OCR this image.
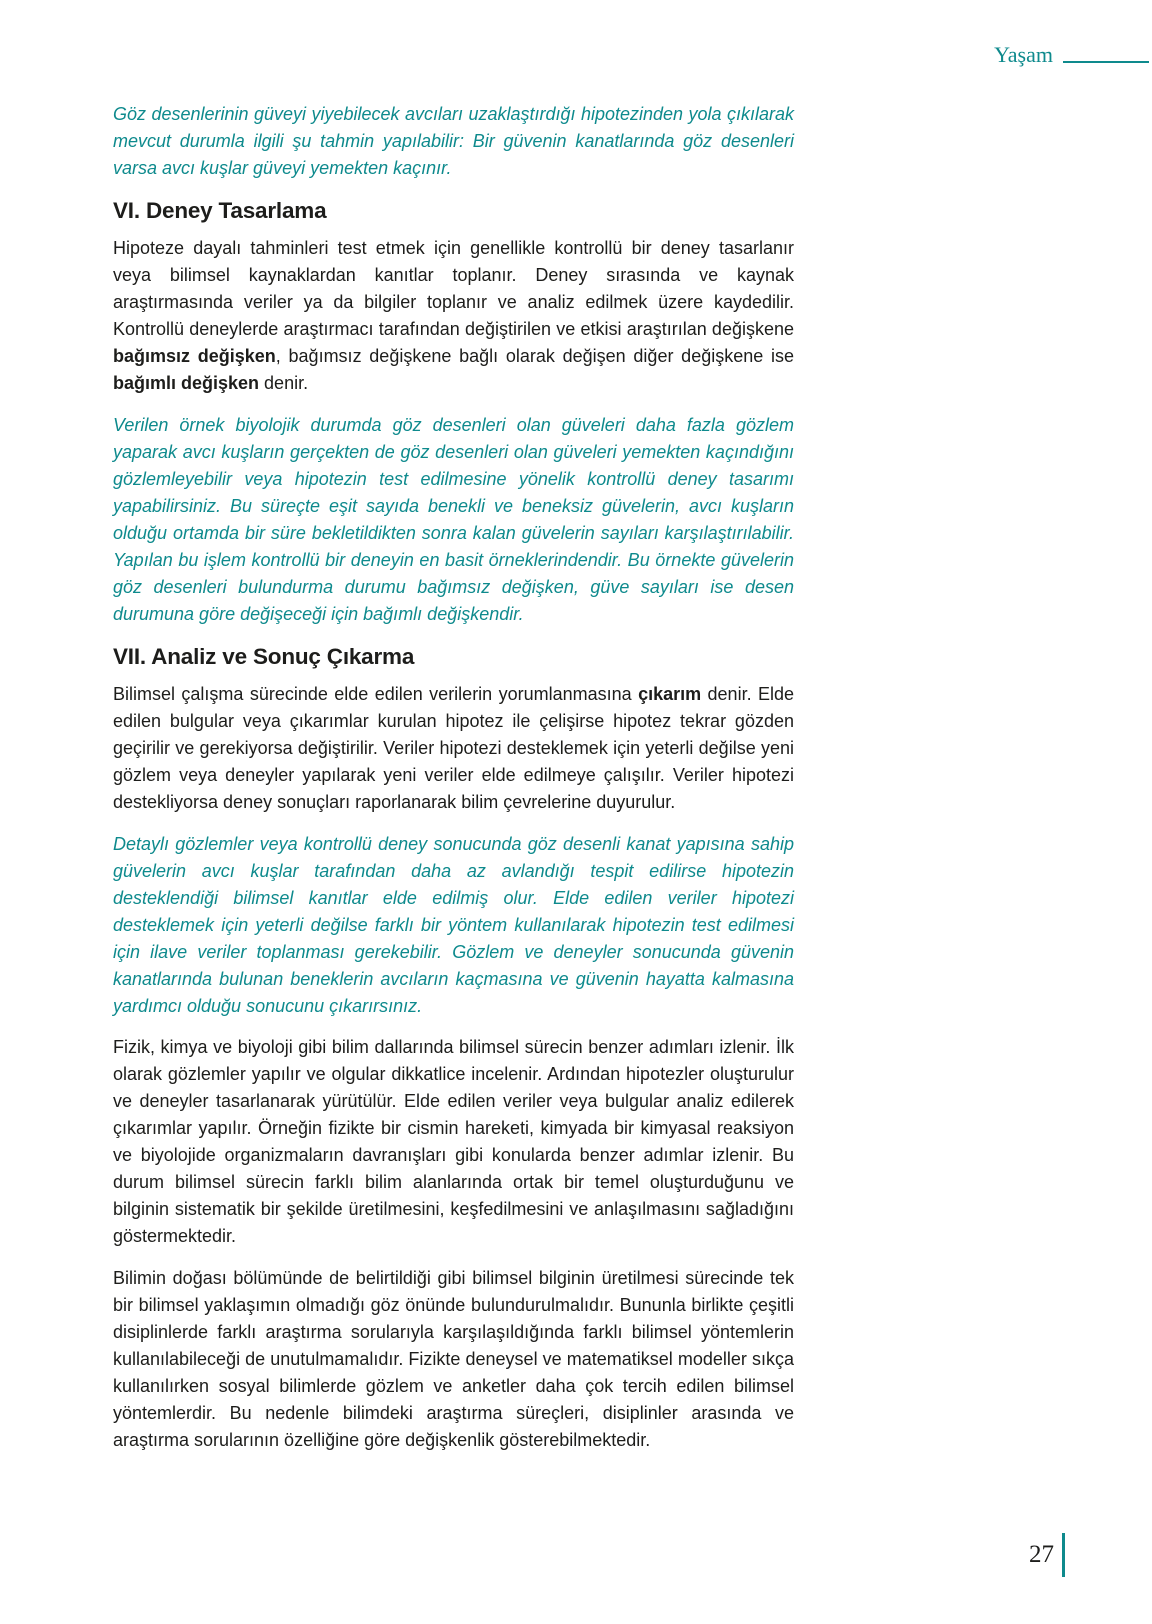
Yaşam

Göz desenlerinin güveyi yiyebilecek avcıları uzaklaştırdığı hipotezinden yola çıkılarak mevcut durumla ilgili şu tahmin yapılabilir: Bir güvenin kanatlarında göz desenleri varsa avcı kuşlar güveyi yemekten kaçınır.

VI. Deney Tasarlama

Hipoteze dayalı tahminleri test etmek için genellikle kontrollü bir deney tasarlanır veya bilimsel kaynaklardan kanıtlar toplanır. Deney sırasında ve kaynak araştırmasında veriler ya da bilgiler toplanır ve analiz edilmek üzere kaydedilir. Kontrollü deneylerde araştırmacı tarafından değiştirilen ve etkisi araştırılan değişkene bağımsız değişken, bağımsız değişkene bağlı olarak değişen diğer değişkene ise bağımlı değişken denir.

Verilen örnek biyolojik durumda göz desenleri olan güveleri daha fazla gözlem yaparak avcı kuşların gerçekten de göz desenleri olan güveleri yemekten kaçındığını gözlemleyebilir veya hipotezin test edilmesine yönelik kontrollü deney tasarımı yapabilirsiniz. Bu süreçte eşit sayıda benekli ve beneksiz güvelerin, avcı kuşların olduğu ortamda bir süre bekletildikten sonra kalan güvelerin sayıları karşılaştırılabilir. Yapılan bu işlem kontrollü bir deneyin en basit örneklerindendir. Bu örnekte güvelerin göz desenleri bulundurma durumu bağımsız değişken, güve sayıları ise desen durumuna göre değişeceği için bağımlı değişkendir.

VII. Analiz ve Sonuç Çıkarma

Bilimsel çalışma sürecinde elde edilen verilerin yorumlanmasına çıkarım denir. Elde edilen bulgular veya çıkarımlar kurulan hipotez ile çelişirse hipotez tekrar gözden geçirilir ve gerekiyorsa değiştirilir. Veriler hipotezi desteklemek için yeterli değilse yeni gözlem veya deneyler yapılarak yeni veriler elde edilmeye çalışılır. Veriler hipotezi destekliyorsa deney sonuçları raporlanarak bilim çevrelerine duyurulur.

Detaylı gözlemler veya kontrollü deney sonucunda göz desenli kanat yapısına sahip güvelerin avcı kuşlar tarafından daha az avlandığı tespit edilirse hipotezin desteklendiği bilimsel kanıtlar elde edilmiş olur. Elde edilen veriler hipotezi desteklemek için yeterli değilse farklı bir yöntem kullanılarak hipotezin test edilmesi için ilave veriler toplanması gerekebilir. Gözlem ve deneyler sonucunda güvenin kanatlarında bulunan beneklerin avcıların kaçmasına ve güvenin hayatta kalmasına yardımcı olduğu sonucunu çıkarırsınız.

Fizik, kimya ve biyoloji gibi bilim dallarında bilimsel sürecin benzer adımları izlenir. İlk olarak gözlemler yapılır ve olgular dikkatlice incelenir. Ardından hipotezler oluşturulur ve deneyler tasarlanarak yürütülür. Elde edilen veriler veya bulgular analiz edilerek çıkarımlar yapılır. Örneğin fizikte bir cismin hareketi, kimyada bir kimyasal reaksiyon ve biyolojide organizmaların davranışları gibi konularda benzer adımlar izlenir. Bu durum bilimsel sürecin farklı bilim alanlarında ortak bir temel oluşturduğunu ve bilginin sistematik bir şekilde üretilmesini, keşfedilmesini ve anlaşılmasını sağladığını göstermektedir.

Bilimin doğası bölümünde de belirtildiği gibi bilimsel bilginin üretilmesi sürecinde tek bir bilimsel yaklaşımın olmadığı göz önünde bulundurulmalıdır. Bununla birlikte çeşitli disiplinlerde farklı araştırma sorularıyla karşılaşıldığında farklı bilimsel yöntemlerin kullanılabileceği de unutulmamalıdır. Fizikte deneysel ve matematiksel modeller sıkça kullanılırken sosyal bilimlerde gözlem ve anketler daha çok tercih edilen bilimsel yöntemlerdir. Bu nedenle bilimdeki araştırma süreçleri, disiplinler arasında ve araştırma sorularının özelliğine göre değişkenlik gösterebilmektedir.

27
